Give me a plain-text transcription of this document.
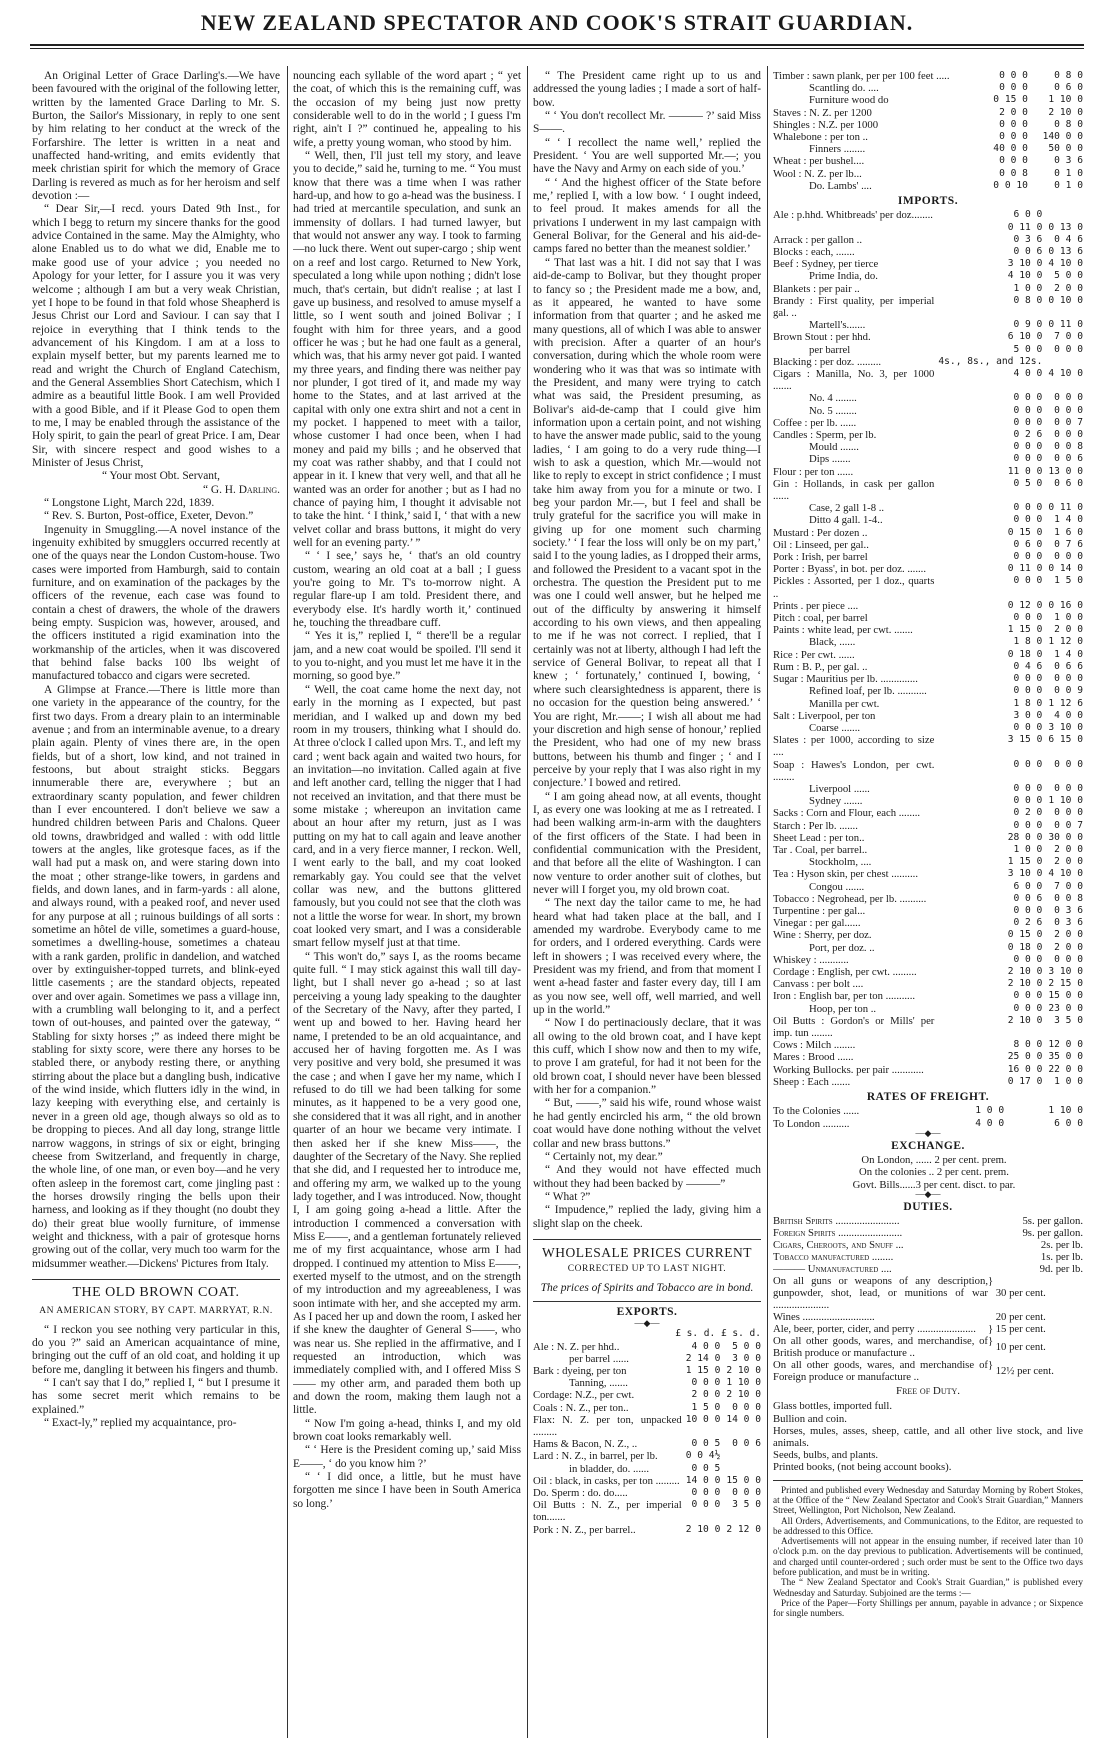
NEW ZEALAND SPECTATOR AND COOK'S STRAIT GUARDIAN.

An Original Letter of Grace Darling's.—We have been favoured with the original of the following letter, written by the lamented Grace Darling to Mr. S. Burton, the Sailor's Missionary, in reply to one sent by him relating to her conduct at the wreck of the Forfarshire. The letter is written in a neat and unaffected hand-writing, and emits evidently that meek christian spirit for which the memory of Grace Darling is revered as much as for her heroism and self devotion :—

“ Dear Sir,—I recd. yours Dated 9th Inst., for which I begg to return my sincere thanks for the good advice Contained in the same. May the Almighty, who alone Enabled us to do what we did, Enable me to make good use of your advice ; you needed no Apology for your letter, for I assure you it was very welcome ; although I am but a very weak Christian, yet I hope to be found in that fold whose Sheapherd is Jesus Christ our Lord and Saviour. I can say that I rejoice in everything that I think tends to the advancement of his Kingdom. I am at a loss to explain myself better, but my parents learned me to read and wright the Church of England Catechism, and the General Assemblies Short Catechism, which I admire as a beautiful little Book. I am well Provided with a good Bible, and if it Please God to open them to me, I may be enabled through the assistance of the Holy spirit, to gain the pearl of great Price. I am, Dear Sir, with sincere respect and good wishes to a Minister of Jesus Christ,

“ Your most Obt. Servant,

“ G. H. Darling.

“ Longstone Light, March 22d, 1839.

“ Rev. S. Burton, Post-office, Exeter, Devon.”

Ingenuity in Smuggling.—A novel instance of the ingenuity exhibited by smugglers occurred recently at one of the quays near the London Custom-house. Two cases were imported from Hamburgh, said to contain furniture, and on examination of the packages by the officers of the revenue, each case was found to contain a chest of drawers, the whole of the drawers being empty. Suspicion was, however, aroused, and the officers instituted a rigid examination into the workmanship of the articles, when it was discovered that behind false backs 100 lbs weight of manufactured tobacco and cigars were secreted.

A Glimpse at France.—There is little more than one variety in the appearance of the country, for the first two days. From a dreary plain to an interminable avenue ; and from an interminable avenue, to a dreary plain again. Plenty of vines there are, in the open fields, but of a short, low kind, and not trained in festoons, but about straight sticks. Beggars innumerable there are, everywhere ; but an extraordinary scanty population, and fewer children than I ever encountered. I don't believe we saw a hundred children between Paris and Chalons. Queer old towns, drawbridged and walled : with odd little towers at the angles, like grotesque faces, as if the wall had put a mask on, and were staring down into the moat ; other strange-like towers, in gardens and fields, and down lanes, and in farm-yards : all alone, and always round, with a peaked roof, and never used for any purpose at all ; ruinous buildings of all sorts : sometime an hôtel de ville, sometimes a guard-house, sometimes a dwelling-house, sometimes a chateau with a rank garden, prolific in dandelion, and watched over by extinguisher-topped turrets, and blink-eyed little casements ; are the standard objects, repeated over and over again. Sometimes we pass a village inn, with a crumbling wall belonging to it, and a perfect town of out-houses, and painted over the gateway, “ Stabling for sixty horses ;” as indeed there might be stabling for sixty score, were there any horses to be stabled there, or anybody resting there, or anything stirring about the place but a dangling bush, indicative of the wind inside, which flutters idly in the wind, in lazy keeping with everything else, and certainly is never in a green old age, though always so old as to be dropping to pieces. And all day long, strange little narrow waggons, in strings of six or eight, bringing cheese from Switzerland, and frequently in charge, the whole line, of one man, or even boy—and he very often asleep in the foremost cart, come jingling past : the horses drowsily ringing the bells upon their harness, and looking as if they thought (no doubt they do) their great blue woolly furniture, of immense weight and thickness, with a pair of grotesque horns growing out of the collar, very much too warm for the midsummer weather.—Dickens' Pictures from Italy.

THE OLD BROWN COAT.
AN AMERICAN STORY, BY CAPT. MARRYAT, R.N.

“ I reckon you see nothing very particular in this, do you ?” said an American acquaintance of mine, bringing out the cuff of an old coat, and holding it up before me, dangling it between his fingers and thumb.

“ I can't say that I do,” replied I, “ but I presume it has some secret merit which remains to be explained.”

“ Exact-ly,” replied my acquaintance, pro-

nouncing each syllable of the word apart ; “ yet the coat, of which this is the remaining cuff, was the occasion of my being just now pretty considerable well to do in the world ; I guess I'm right, ain't I ?” continued he, appealing to his wife, a pretty young woman, who stood by him.

“ Well, then, I'll just tell my story, and leave you to decide,” said he, turning to me. “ You must know that there was a time when I was rather hard-up, and how to go a-head was the business. I had tried at mercantile speculation, and sunk an immensity of dollars. I had turned lawyer, but that would not answer any way. I took to farming—no luck there. Went out super-cargo ; ship went on a reef and lost cargo. Returned to New York, speculated a long while upon nothing ; didn't lose much, that's certain, but didn't realise ; at last I gave up business, and resolved to amuse myself a little, so I went south and joined Bolivar ; I fought with him for three years, and a good officer he was ; but he had one fault as a general, which was, that his army never got paid. I wanted my three years, and finding there was neither pay nor plunder, I got tired of it, and made my way home to the States, and at last arrived at the capital with only one extra shirt and not a cent in my pocket. I happened to meet with a tailor, whose customer I had once been, when I had money and paid my bills ; and he observed that my coat was rather shabby, and that I could not appear in it. I knew that very well, and that all he wanted was an order for another ; but as I had no chance of paying him, I thought it advisable not to take the hint. ‘ I think,’ said I, ‘ that with a new velvet collar and brass buttons, it might do very well for an evening party.’ ”

“ ‘ I see,’ says he, ‘ that's an old country custom, wearing an old coat at a ball ; I guess you're going to Mr. T's to-morrow night. A regular flare-up I am told. President there, and everybody else. It's hardly worth it,’ continued he, touching the threadbare cuff.

“ Yes it is,” replied I, “ there'll be a regular jam, and a new coat would be spoiled. I'll send it to you to-night, and you must let me have it in the morning, so good bye.”

“ Well, the coat came home the next day, not early in the morning as I expected, but past meridian, and I walked up and down my bed room in my trousers, thinking what I should do. At three o'clock I called upon Mrs. T., and left my card ; went back again and waited two hours, for an invitation—no invitation. Called again at five and left another card, telling the nigger that I had not received an invitation, and that there must be some mistake ; whereupon an invitation came about an hour after my return, just as I was putting on my hat to call again and leave another card, and in a very fierce manner, I reckon. Well, I went early to the ball, and my coat looked remarkably gay. You could see that the velvet collar was new, and the buttons glittered famously, but you could not see that the cloth was not a little the worse for wear. In short, my brown coat looked very smart, and I was a considerable smart fellow myself just at that time.

“ This won't do,” says I, as the rooms became quite full. “ I may stick against this wall till day-light, but I shall never go a-head ; so at last perceiving a young lady speaking to the daughter of the Secretary of the Navy, after they parted, I went up and bowed to her. Having heard her name, I pretended to be an old acquaintance, and accused her of having forgotten me. As I was very positive and very bold, she presumed it was the case ; and when I gave her my name, which I refused to do till we had been talking for some minutes, as it happened to be a very good one, she considered that it was all right, and in another quarter of an hour we became very intimate. I then asked her if she knew Miss——, the daughter of the Secretary of the Navy. She replied that she did, and I requested her to introduce me, and offering my arm, we walked up to the young lady together, and I was introduced. Now, thought I, I am going going a-head a little. After the introduction I commenced a conversation with Miss E——, and a gentleman fortunately relieved me of my first acquaintance, whose arm I had dropped. I continued my attention to Miss E——, exerted myself to the utmost, and on the strength of my introduction and my agreeableness, I was soon intimate with her, and she accepted my arm. As I paced her up and down the room, I asked her if she knew the daughter of General S——, who was near us. She replied in the affirmative, and I requested an introduction, which was immediately complied with, and I offered Miss S—— my other arm, and paraded them both up and down the room, making them laugh not a little.

“ Now I'm going a-head, thinks I, and my old brown coat looks remarkably well.

“ ‘ Here is the President coming up,’ said Miss E——, ‘ do you know him ?’

“ ‘ I did once, a little, but he must have forgotten me since I have been in South America so long.’

“ The President came right up to us and addressed the young ladies ; I made a sort of half-bow.

“ ‘ You don't recollect Mr. ——— ?’ said Miss S——.

“ ‘ I recollect the name well,’ replied the President. ‘ You are well supported Mr.—; you have the Navy and Army on each side of you.’

“ ‘ And the highest officer of the State before me,’ replied I, with a low bow. ‘ I ought indeed, to feel proud. It makes amends for all the privations I underwent in my last campaign with General Bolivar, for the General and his aid-de-camps fared no better than the meanest soldier.’

“ That last was a hit. I did not say that I was aid-de-camp to Bolivar, but they thought proper to fancy so ; the President made me a bow, and, as it appeared, he wanted to have some information from that quarter ; and he asked me many questions, all of which I was able to answer with precision. After a quarter of an hour's conversation, during which the whole room were wondering who it was that was so intimate with the President, and many were trying to catch what was said, the President presuming, as Bolivar's aid-de-camp that I could give him information upon a certain point, and not wishing to have the answer made public, said to the young ladies, ‘ I am going to do a very rude thing—I wish to ask a question, which Mr.—would not like to reply to except in strict confidence ; I must take him away from you for a minute or two. I beg your pardon Mr.—, but I feel and shall be truly grateful for the sacrifice you will make in giving up for one moment such charming society.’ ‘ I fear the loss will only be on my part,’ said I to the young ladies, as I dropped their arms, and followed the President to a vacant spot in the orchestra. The question the President put to me was one I could well answer, but he helped me out of the difficulty by answering it himself according to his own views, and then appealing to me if he was not correct. I replied, that I certainly was not at liberty, although I had left the service of General Bolivar, to repeat all that I knew ; ‘ fortunately,’ continued I, bowing, ‘ where such clearsightedness is apparent, there is no occasion for the question being answered.’ ‘ You are right, Mr.——; I wish all about me had your discretion and high sense of honour,’ replied the President, who had one of my new brass buttons, between his thumb and finger ; ‘ and I perceive by your reply that I was also right in my conjecture.’ I bowed and retired.

“ I am going ahead now, at all events, thought I, as every one was looking at me as I retreated. I had been walking arm-in-arm with the daughters of the first officers of the State. I had been in confidential communication with the President, and that before all the elite of Washington. I can now venture to order another suit of clothes, but never will I forget you, my old brown coat.

“ The next day the tailor came to me, he had heard what had taken place at the ball, and I amended my wardrobe. Everybody came to me for orders, and I ordered everything. Cards were left in showers ; I was received every where, the President was my friend, and from that moment I went a-head faster and faster every day, till I am as you now see, well off, well married, and well up in the world.”

“ Now I do pertinaciously declare, that it was all owing to the old brown coat, and I have kept this cuff, which I show now and then to my wife, to prove I am grateful, for had it not been for the old brown coat, I should never have been blessed with her for a companion.”

“ But, ——,” said his wife, round whose waist he had gently encircled his arm, “ the old brown coat would have done nothing without the velvet collar and new brass buttons.”

“ Certainly not, my dear.”

“ And they would not have effected much without they had been backed by ———”

“ What ?”

“ Impudence,” replied the lady, giving him a slight slap on the cheek.

WHOLESALE PRICES CURRENT
CORRECTED UP TO LAST NIGHT.
The prices of Spirits and Tobacco are in bond.
EXPORTS.
—◆—
£ s. d. £ s. d.
Ale : N. Z. per hhd..	4 0 0	5 0 0
per barrel ......	2 14 0	3 0 0
Bark : dyeing, per ton	1 15 0	2 10 0
Tanning, .......	0 0 0	1 10 0
Cordage: N.Z., per cwt.	2 0 0	2 10 0
Coals : N. Z., per ton..	1 5 0	0 0 0
Flax: N. Z. per ton, unpacked .........	10 0 0	14 0 0
Hams & Bacon, N. Z., ..	0 0 5	0 0 6
Lard : N. Z., in barrel, per lb.	0 0 4½	
in bladder, do. ......	0 0 5	
Oil : black, in casks, per ton .........	14 0 0	15 0 0
Do. Sperm : do. do.....	0 0 0	0 0 0
Oil Butts : N. Z., per imperial ton.......	0 0 0	3 5 0
Pork : N. Z., per barrel..	2 10 0	2 12 0
Timber : sawn plank, per per 100 feet .....	0 0 0	0 8 0
Scantling do. ....	0 0 0	0 6 0
Furniture wood do	0 15 0	1 10 0
Staves : N. Z. per 1200	2 0 0	2 10 0
Shingles : N.Z. per 1000	0 0 0	0 8 0
Whalebone : per ton ..	0 0 0	140 0 0
Finners ........	40 0 0	50 0 0
Wheat : per bushel....	0 0 0	0 3 6
Wool : N. Z. per lb...	0 0 8	0 1 0
Do. Lambs' ....	0 0 10	0 1 0
IMPORTS.
Ale : p.hhd. Whitbreads' per doz........	6 0 0	
	0 11 0	0 13 0
Arrack : per gallon ..	0 3 6	0 4 6
Blocks : each, .......	0 0 6	0 13 6
Beef : Sydney, per tierce	3 10 0	4 10 0
Prime India, do.	4 10 0	5 0 0
Blankets : per pair ..	1 0 0	2 0 0
Brandy : First quality, per imperial gal. ..	0 8 0	0 10 0
Martell's.......	0 9 0	0 11 0
Brown Stout : per hhd.	6 10 0	7 0 0
per barrel	5 0 0	0 0 0
Blacking : per doz. .........	4s., 8s., and 12s.	
Cigars : Manilla, No. 3, per 1000 .......	4 0 0	4 10 0
No. 4 ........	0 0 0	0 0 0
No. 5 ........	0 0 0	0 0 0
Coffee : per lb. ......	0 0 0	0 0 7
Candles : Sperm, per lb.	0 2 6	0 0 0
Mould .......	0 0 0	0 0 8
Dips .......	0 0 0	0 0 6
Flour : per ton ......	11 0 0	13 0 0
Gin : Hollands, in cask per gallon ......	0 5 0	0 6 0
Case, 2 gall 1-8 ..	0 0 0	0 11 0
Ditto 4 gall. 1-4..	0 0 0	1 4 0
Mustard : Per dozen ..	0 15 0	1 6 0
Oil : Linseed, per gal..	0 6 0	0 7 6
Pork : Irish, per barrel	0 0 0	0 0 0
Porter : Byass', in bot. per doz. .......	0 11 0	0 14 0
Pickles : Assorted, per 1 doz., quarts ..	0 0 0	1 5 0
Prints . per piece ....	0 12 0	0 16 0
Pitch : coal, per barrel	0 0 0	1 0 0
Paints : white lead, per cwt. .......	1 15 0	2 0 0
Black, ......	1 8 0	1 12 0
Rice : Per cwt. ......	0 18 0	1 4 0
Rum : B. P., per gal. ..	0 4 6	0 6 6
Sugar : Mauritius per lb. ..............	0 0 0	0 0 0
Refined loaf, per lb. ...........	0 0 0	0 0 9
Manilla per cwt.	1 8 0	1 12 6
Salt : Liverpool, per ton	3 0 0	4 0 0
Coarse .......	0 0 0	3 10 0
Slates : per 1000, according to size ....	3 15 0	6 15 0
Soap : Hawes's London, per cwt. ........	0 0 0	0 0 0
Liverpool ......	0 0 0	0 0 0
Sydney .......	0 0 0	1 10 0
Sacks : Corn and Flour, each ........	0 2 0	0 0 0
Starch : Per lb. .......	0 0 0	0 0 7
Sheet Lead : per ton..	28 0 0	30 0 0
Tar . Coal, per barrel..	1 0 0	2 0 0
Stockholm, ....	1 15 0	2 0 0
Tea : Hyson skin, per chest ..........	3 10 0	4 10 0
Congou .......	6 0 0	7 0 0
Tobacco : Negrohead, per lb. ..........	0 0 6	0 0 8
Turpentine : per gal...	0 0 0	0 3 6
Vinegar : per gal......	0 2 6	0 3 6
Wine : Sherry, per doz.	0 15 0	2 0 0
Port, per doz. ..	0 18 0	2 0 0
Whiskey : ...........	0 0 0	0 0 0
Cordage : English, per cwt. .........	2 10 0	3 10 0
Canvass : per bolt ....	2 10 0	2 15 0
Iron : English bar, per ton ...........	0 0 0	15 0 0
Hoop, per ton ..	0 0 0	23 0 0
Oil Butts : Gordon's or Mills' per imp. tun ........	2 10 0	3 5 0
Cows : Milch ........	8 0 0	12 0 0
Mares : Brood ......	25 0 0	35 0 0
Working Bullocks. per pair ............	16 0 0	22 0 0
Sheep : Each .......	0 17 0	1 0 0
RATES OF FREIGHT.
To the Colonies ......	1 0 0	1 10 0
To London ..........	4 0 0	6 0 0
—◆—
EXCHANGE.

On London, ...... 2 per cent. prem.

On the colonies .. 2 per cent. prem.

Govt. Bills......3 per cent. disct. to par.

—◆—
DUTIES.
British Spirits ........................	5s. per gallon.
Foreign Spirits ........................	9s. per gallon.
Cigars, Cheroots, and Snuff ...	2s. per lb.
Tobacco manufactured ........	1s. per lb.
——— Unmanufactured ....	9d. per lb.
On all guns or weapons of any description, gunpowder, shot, lead, or munitions of war .....................	}	30 per cent.
Wines ...........................		20 per cent.
Ale, beer, porter, cider, and perry ......................	}	15 per cent.
On all other goods, wares, and merchandise, of British produce or manufacture ..	}	10 per cent.
On all other goods, wares, and merchandise of Foreign produce or manufacture ..	}	12½ per cent.
Free of Duty.
Glass bottles, imported full.
Bullion and coin.
Horses, mules, asses, sheep, cattle, and all other live stock, and live animals.
Seeds, bulbs, and plants.
Printed books, (not being account books).

Printed and published every Wednesday and Saturday Morning by Robert Stokes, at the Office of the “ New Zealand Spectator and Cook's Strait Guardian,” Manners Street, Wellington, Port Nicholson, New Zealand.

All Orders, Advertisements, and Communications, to the Editor, are requested to be addressed to this Office.

Advertisements will not appear in the ensuing number, if received later than 10 o'clock p.m. on the day previous to publication. Advertisements will be continued, and charged until counter-ordered ; such order must be sent to the Office two days before publication, and must be in writing.

The “ New Zealand Spectator and Cook's Strait Guardian,” is published every Wednesday and Saturday. Subjoined are the terms :—

Price of the Paper—Forty Shillings per annum, payable in advance ; or Sixpence for single numbers.
